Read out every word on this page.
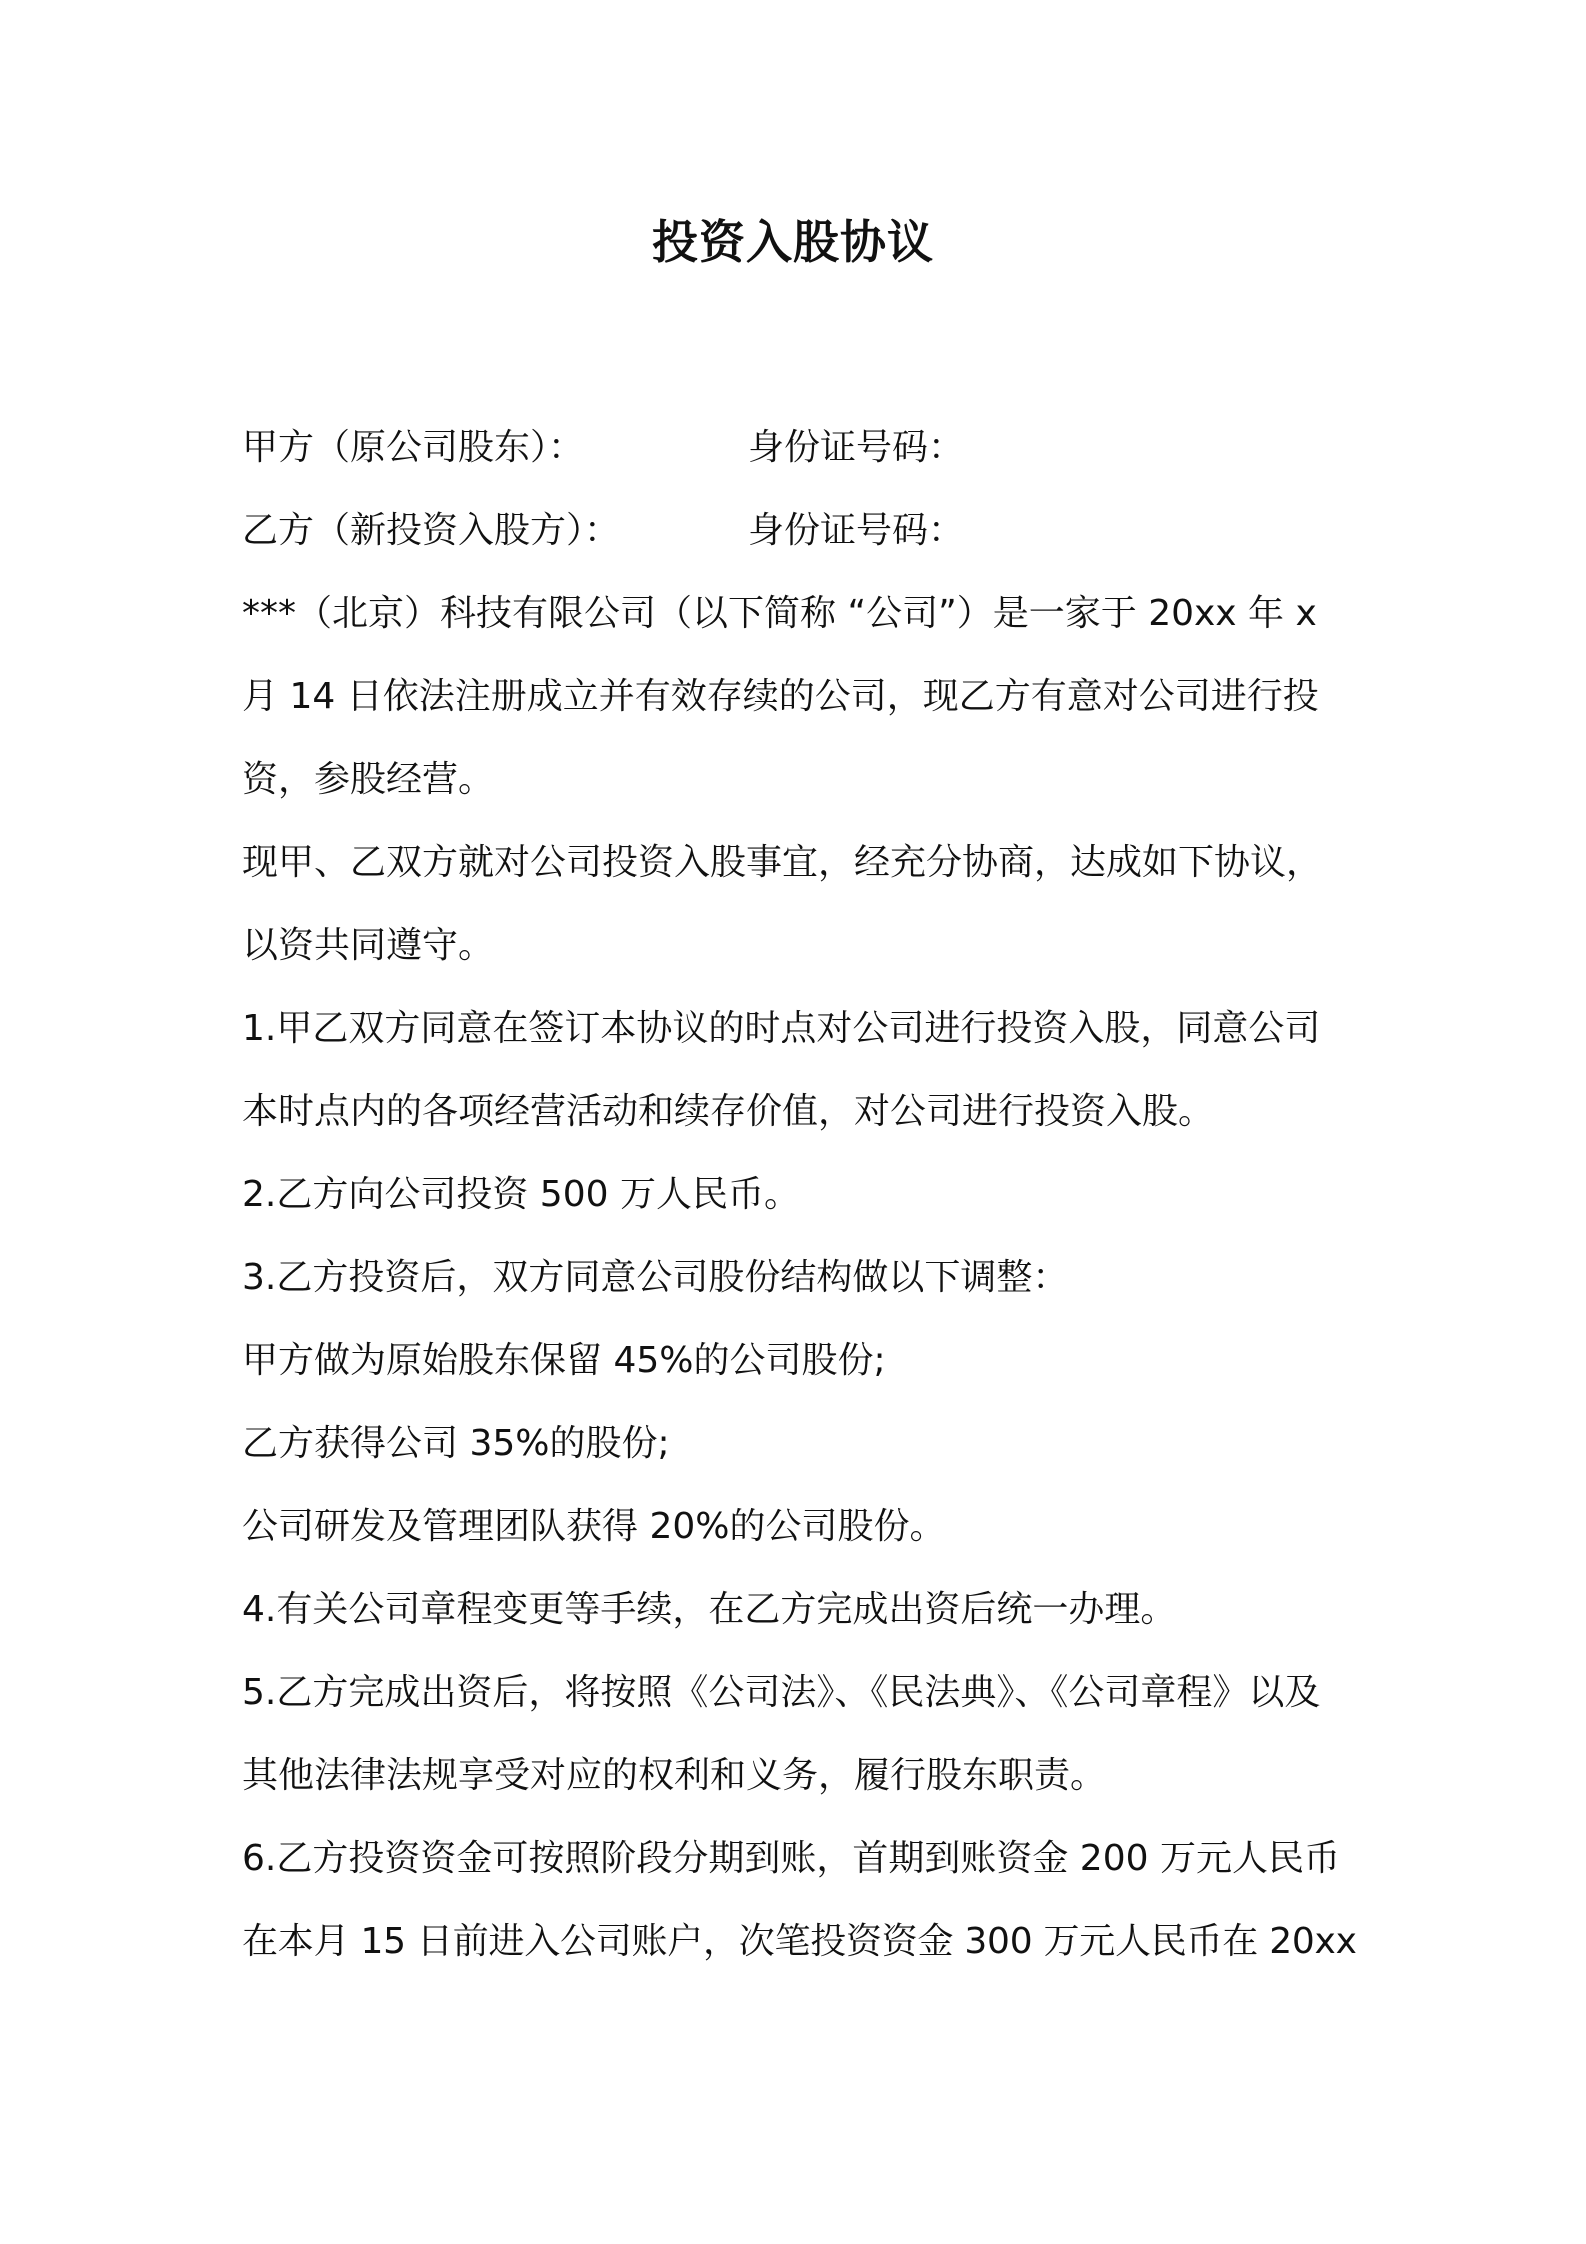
投资入股协议
甲方（原公司股东）：	身份证号码：
乙方（新投资入股方）：	身份证号码：

***（北京）科技有限公司（以下简称 “公司”）是一家于 20xx 年 x

月 14 日依法注册成立并有效存续的公司，现乙方有意对公司进行投

资，参股经营。

现甲、乙双方就对公司投资入股事宜，经充分协商，达成如下协议，

以资共同遵守。

1.甲乙双方同意在签订本协议的时点对公司进行投资入股，同意公司

本时点内的各项经营活动和续存价值，对公司进行投资入股。

2.乙方向公司投资 500 万人民币。

3.乙方投资后，双方同意公司股份结构做以下调整：

甲方做为原始股东保留 45%的公司股份;

乙方获得公司 35%的股份;

公司研发及管理团队获得 20%的公司股份。

4.有关公司章程变更等手续，在乙方完成出资后统一办理。

5.乙方完成出资后，将按照《公司法》、《民法典》、《公司章程》以及

其他法律法规享受对应的权利和义务，履行股东职责。

6.乙方投资资金可按照阶段分期到账，首期到账资金 200 万元人民币

在本月 15 日前进入公司账户，次笔投资资金 300 万元人民币在 20xx
